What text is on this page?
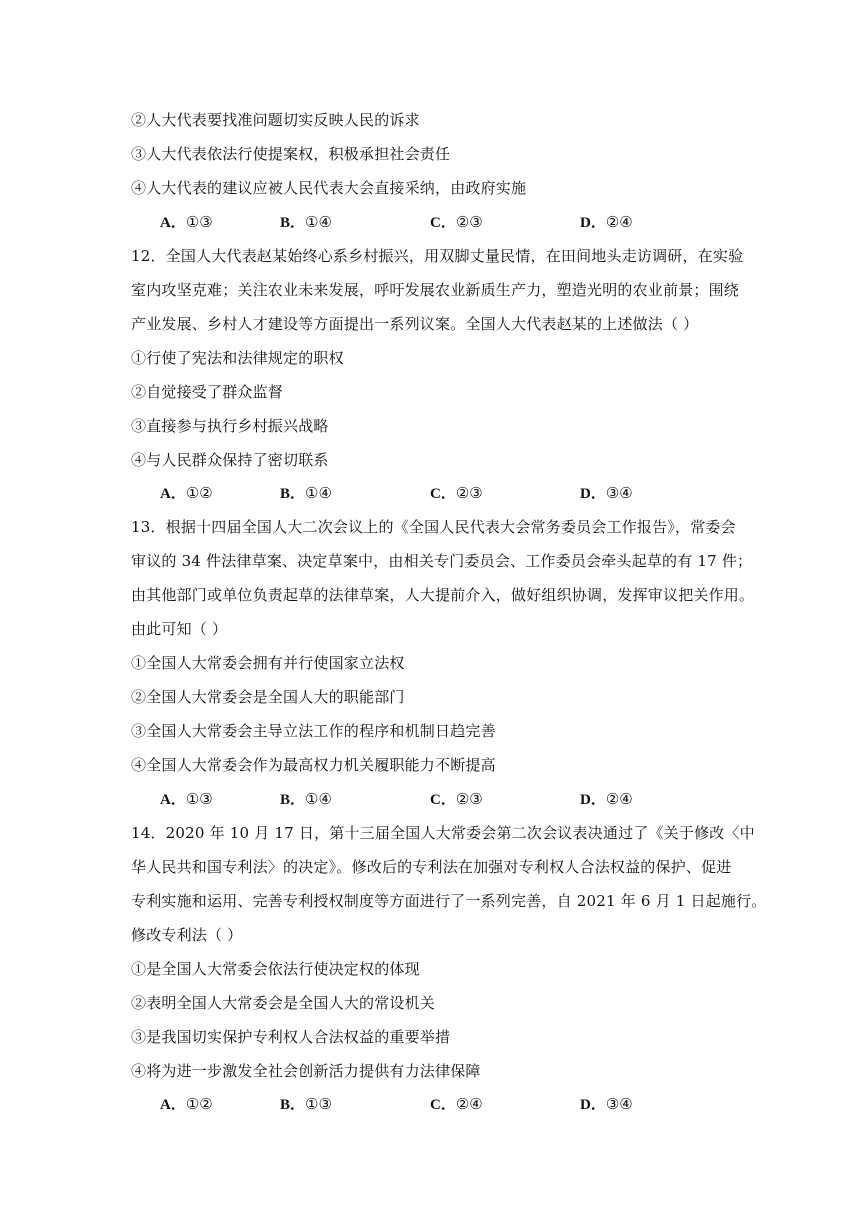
②人大代表要找准问题切实反映人民的诉求
③人大代表依法行使提案权，积极承担社会责任
④人大代表的建议应被人民代表大会直接采纳，由政府实施
A．①③	B．①④	C．②③	D．②④
12．全国人大代表赵某始终心系乡村振兴，用双脚丈量民情，在田间地头走访调研，在实验
室内攻坚克难；关注农业未来发展，呼吁发展农业新质生产力，塑造光明的农业前景；围绕
产业发展、乡村人才建设等方面提出一系列议案。全国人大代表赵某的上述做法（ ）
①行使了宪法和法律规定的职权
②自觉接受了群众监督
③直接参与执行乡村振兴战略
④与人民群众保持了密切联系
A．①②	B．①④	C．②③	D．③④
13．根据十四届全国人大二次会议上的《全国人民代表大会常务委员会工作报告》，常委会
审议的 34 件法律草案、决定草案中，由相关专门委员会、工作委员会牵头起草的有 17 件；
由其他部门或单位负责起草的法律草案，人大提前介入，做好组织协调，发挥审议把关作用。
由此可知（ ）
①全国人大常委会拥有并行使国家立法权
②全国人大常委会是全国人大的职能部门
③全国人大常委会主导立法工作的程序和机制日趋完善
④全国人大常委会作为最高权力机关履职能力不断提高
A．①③	B．①④	C．②③	D．②④
14．2020 年 10 月 17 日，第十三届全国人大常委会第二次会议表决通过了《关于修改〈中
华人民共和国专利法〉的决定》。修改后的专利法在加强对专利权人合法权益的保护、促进
专利实施和运用、完善专利授权制度等方面进行了一系列完善，自 2021 年 6 月 1 日起施行。
修改专利法（ ）
①是全国人大常委会依法行使决定权的体现
②表明全国人大常委会是全国人大的常设机关
③是我国切实保护专利权人合法权益的重要举措
④将为进一步激发全社会创新活力提供有力法律保障
A．①②	B．①③	C．②④	D．③④
